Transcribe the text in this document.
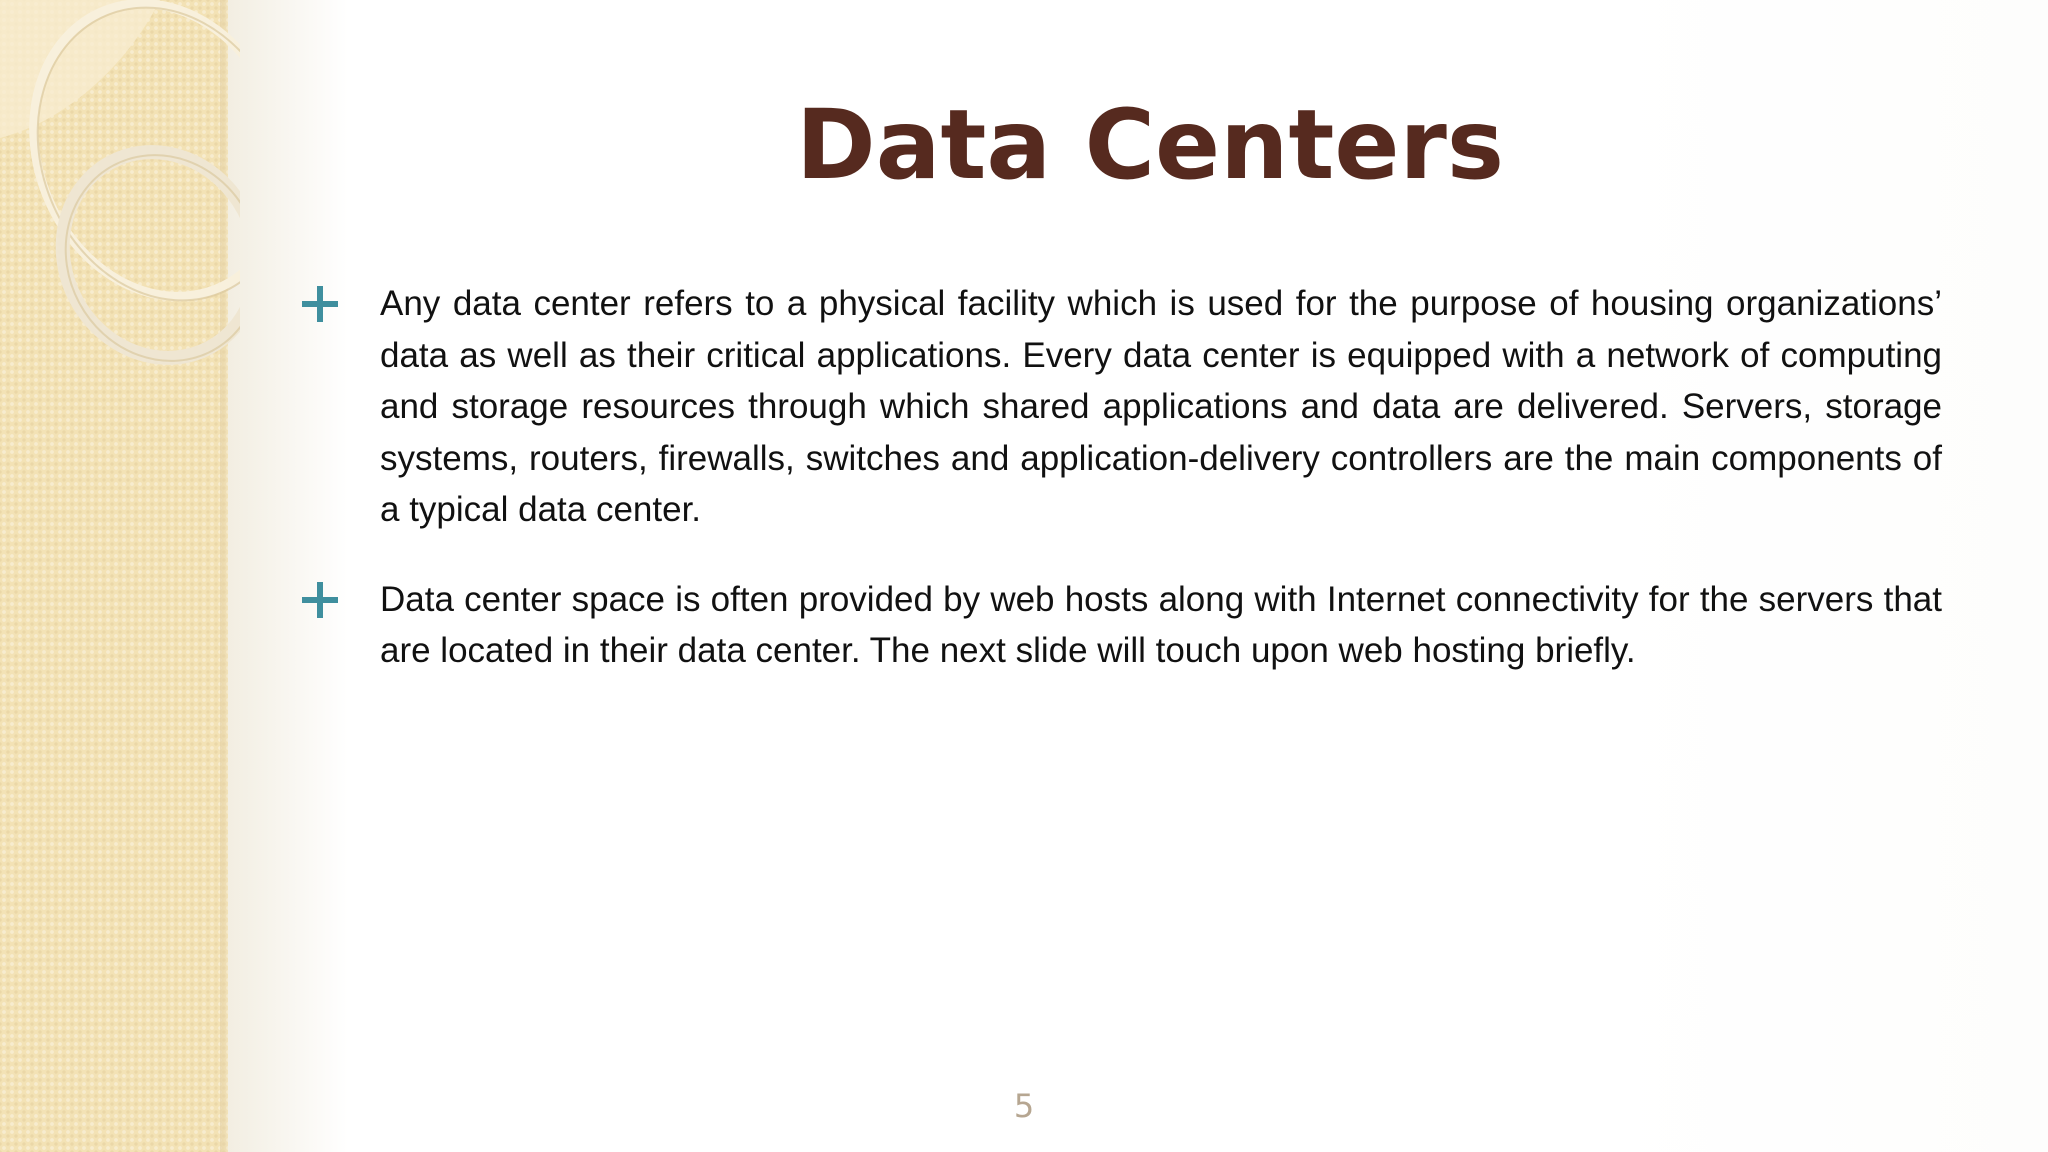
Data Centers

Any data center refers to a physical facility which is used for the purpose of housing organizations’ data as well as their critical applications. Every data center is equipped with a network of computing and storage resources through which shared applications and data are delivered. Servers, storage systems, routers, firewalls, switches and application-delivery controllers are the main components of a typical data center.

Data center space is often provided by web hosts along with Internet connectivity for the servers that are located in their data center. The next slide will touch upon web hosting briefly.

5
